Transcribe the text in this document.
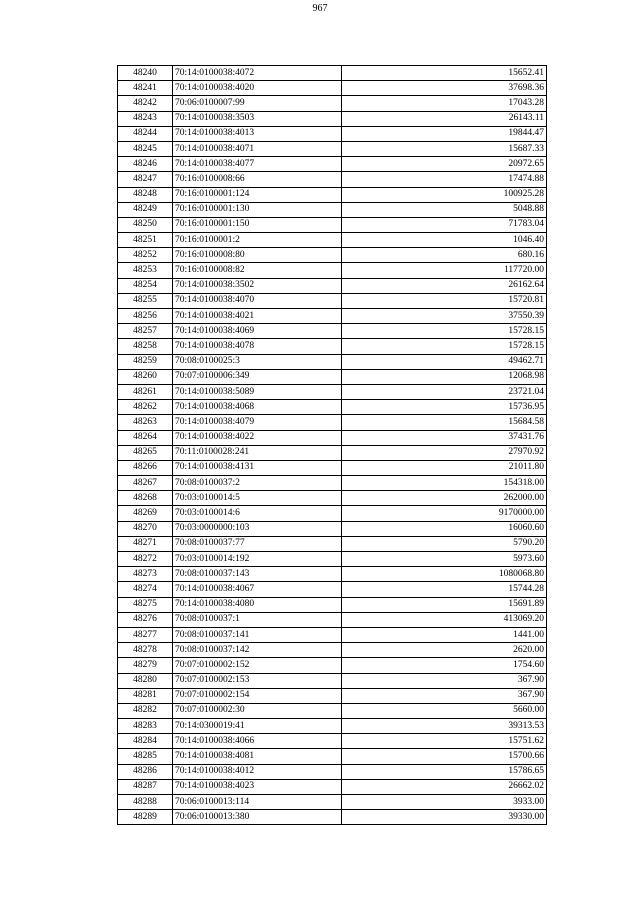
967
48240	70:14:0100038:4072	15652.41
48241	70:14:0100038:4020	37698.36
48242	70:06:0100007:99	17043.28
48243	70:14:0100038:3503	26143.11
48244	70:14:0100038:4013	19844.47
48245	70:14:0100038:4071	15687.33
48246	70:14:0100038:4077	20972.65
48247	70:16:0100008:66	17474.88
48248	70:16:0100001:124	100925.28
48249	70:16:0100001:130	5048.88
48250	70:16:0100001:150	71783.04
48251	70:16:0100001:2	1046.40
48252	70:16:0100008:80	680.16
48253	70:16:0100008:82	117720.00
48254	70:14:0100038:3502	26162.64
48255	70:14:0100038:4070	15720.81
48256	70:14:0100038:4021	37550.39
48257	70:14:0100038:4069	15728.15
48258	70:14:0100038:4078	15728.15
48259	70:08:0100025:3	49462.71
48260	70:07:0100006:349	12068.98
48261	70:14:0100038:5089	23721.04
48262	70:14:0100038:4068	15736.95
48263	70:14:0100038:4079	15684.58
48264	70:14:0100038:4022	37431.76
48265	70:11:0100028:241	27970.92
48266	70:14:0100038:4131	21011.80
48267	70:08:0100037:2	154318.00
48268	70:03:0100014:5	262000.00
48269	70:03:0100014:6	9170000.00
48270	70:03:0000000:103	16060.60
48271	70:08:0100037:77	5790.20
48272	70:03:0100014:192	5973.60
48273	70:08:0100037:143	1080068.80
48274	70:14:0100038:4067	15744.28
48275	70:14:0100038:4080	15691.89
48276	70:08:0100037:1	413069.20
48277	70:08:0100037:141	1441.00
48278	70:08:0100037:142	2620.00
48279	70:07:0100002:152	1754.60
48280	70:07:0100002:153	367.90
48281	70:07:0100002:154	367.90
48282	70:07:0100002:30	5660.00
48283	70:14:0300019:41	39313.53
48284	70:14:0100038:4066	15751.62
48285	70:14:0100038:4081	15700.66
48286	70:14:0100038:4012	15786.65
48287	70:14:0100038:4023	26662.02
48288	70:06:0100013:114	3933.00
48289	70:06:0100013:380	39330.00
